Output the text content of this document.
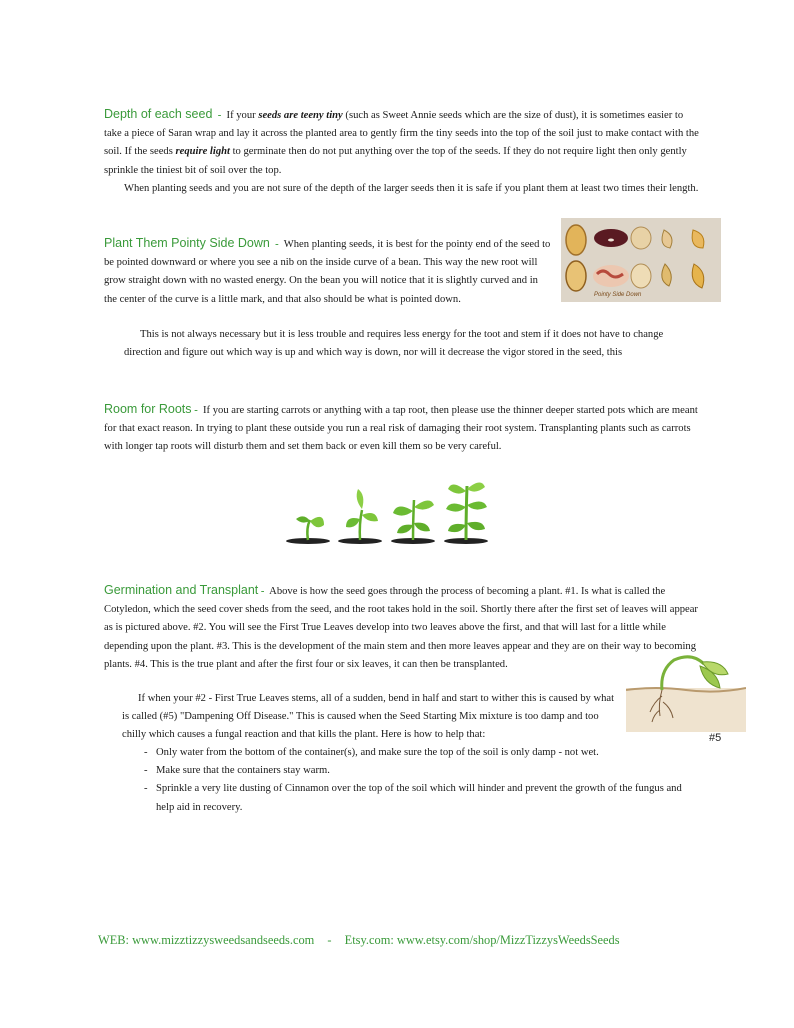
Depth of each seed - If your seeds are teeny tiny (such as Sweet Annie seeds which are the size of dust), it is sometimes easier to take a piece of Saran wrap and lay it across the planted area to gently firm the tiny seeds into the top of the soil just to make contact with the soil. If the seeds require light to germinate then do not put anything over the top of the seeds. If they do not require light then only gently sprinkle the tiniest bit of soil over the top.
When planting seeds and you are not sure of the depth of the larger seeds then it is safe if you plant them at least two times their length.
Plant Them Pointy Side Down - When planting seeds, it is best for the pointy end of the seed to be pointed downward or where you see a nib on the inside curve of a bean. This way the new root will grow straight down with no wasted energy. On the bean you will notice that it is slightly curved and in the center of the curve is a little mark, and that also should be what is pointed down.
This is not always necessary but it is less trouble and requires less energy for the toot and stem if it does not have to change direction and figure out which way is up and which way is down, nor will it decrease the vigor stored in the seed, this
Pointy Side Down
Room for Roots - If you are starting carrots or anything with a tap root, then please use the thinner deeper started pots which are meant for that exact reason. In trying to plant these outside you run a real risk of damaging their root system. Transplanting plants such as carrots with longer tap roots will disturb them and set them back or even kill them so be very careful.
Germination and Transplant - Above is how the seed goes through the process of becoming a plant. #1. Is what is called the Cotyledon, which the seed cover sheds from the seed, and the root takes hold in the soil. Shortly there after the first set of leaves will appear as is pictured above. #2. You will see the First True Leaves develop into two leaves above the first, and that will last for a little while depending upon the plant. #3. This is the development of the main stem and then more leaves appear and they are on their way to becoming plants. #4. This is the true plant and after the first four or six leaves, it can then be transplanted.
If when your #2 - First True Leaves stems, all of a sudden, bend in half and start to wither this is caused by what is called (#5) "Dampening Off Disease." This is caused when the Seed Starting Mix mixture is too damp and too chilly which causes a fungal reaction and that kills the plant. Here is how to help that:
- Only water from the bottom of the container(s), and make sure the top of the soil is only damp - not wet.
- Make sure that the containers stay warm.
- Sprinkle a very lite dusting of Cinnamon over the top of the soil which will hinder and prevent the growth of the fungus and help aid in recovery.
#5
WEB: www.mizztizzysweedsandseeds.com - Etsy.com: www.etsy.com/shop/MizzTizzysWeedsSeeds
